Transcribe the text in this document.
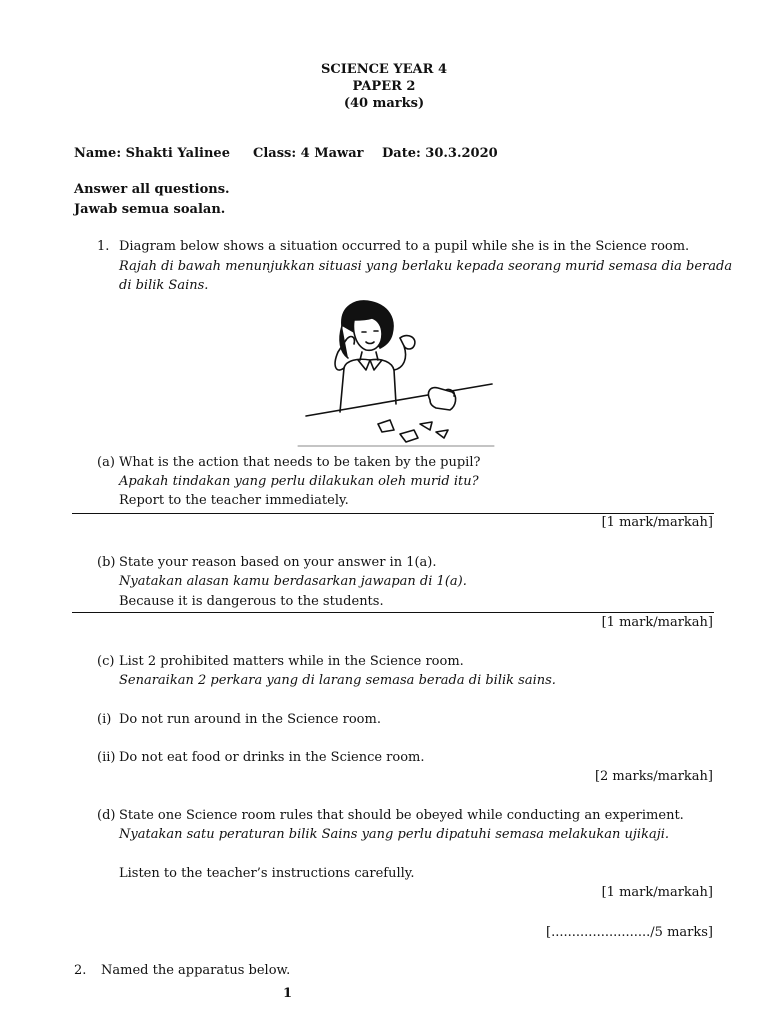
SCIENCE YEAR 4
PAPER 2
(40 marks)
Name: Shakti Yalinee Class: 4 Mawar Date: 30.3.2020
Answer all questions.
Jawab semua soalan.
1. Diagram below shows a situation occurred to a pupil while she is in the Science room.
Rajah di bawah menunjukkan situasi yang berlaku kepada seorang murid semasa dia berada
di bilik Sains.
(a) What is the action that needs to be taken by the pupil?
Apakah tindakan yang perlu dilakukan oleh murid itu?
Report to the teacher immediately.
[1 mark/markah]
(b) State your reason based on your answer in 1(a).
Nyatakan alasan kamu berdasarkan jawapan di 1(a).
Because it is dangerous to the students.
[1 mark/markah]
(c) List 2 prohibited matters while in the Science room.
Senaraikan 2 perkara yang di larang semasa berada di bilik sains.
(i) Do not run around in the Science room.
(ii) Do not eat food or drinks in the Science room.
[2 marks/markah]
(d) State one Science room rules that should be obeyed while conducting an experiment.
Nyatakan satu peraturan bilik Sains yang perlu dipatuhi semasa melakukan ujikaji.
Listen to the teacher’s instructions carefully.
[1 mark/markah]
[......................../5 marks]
2. Named the apparatus below.
1
